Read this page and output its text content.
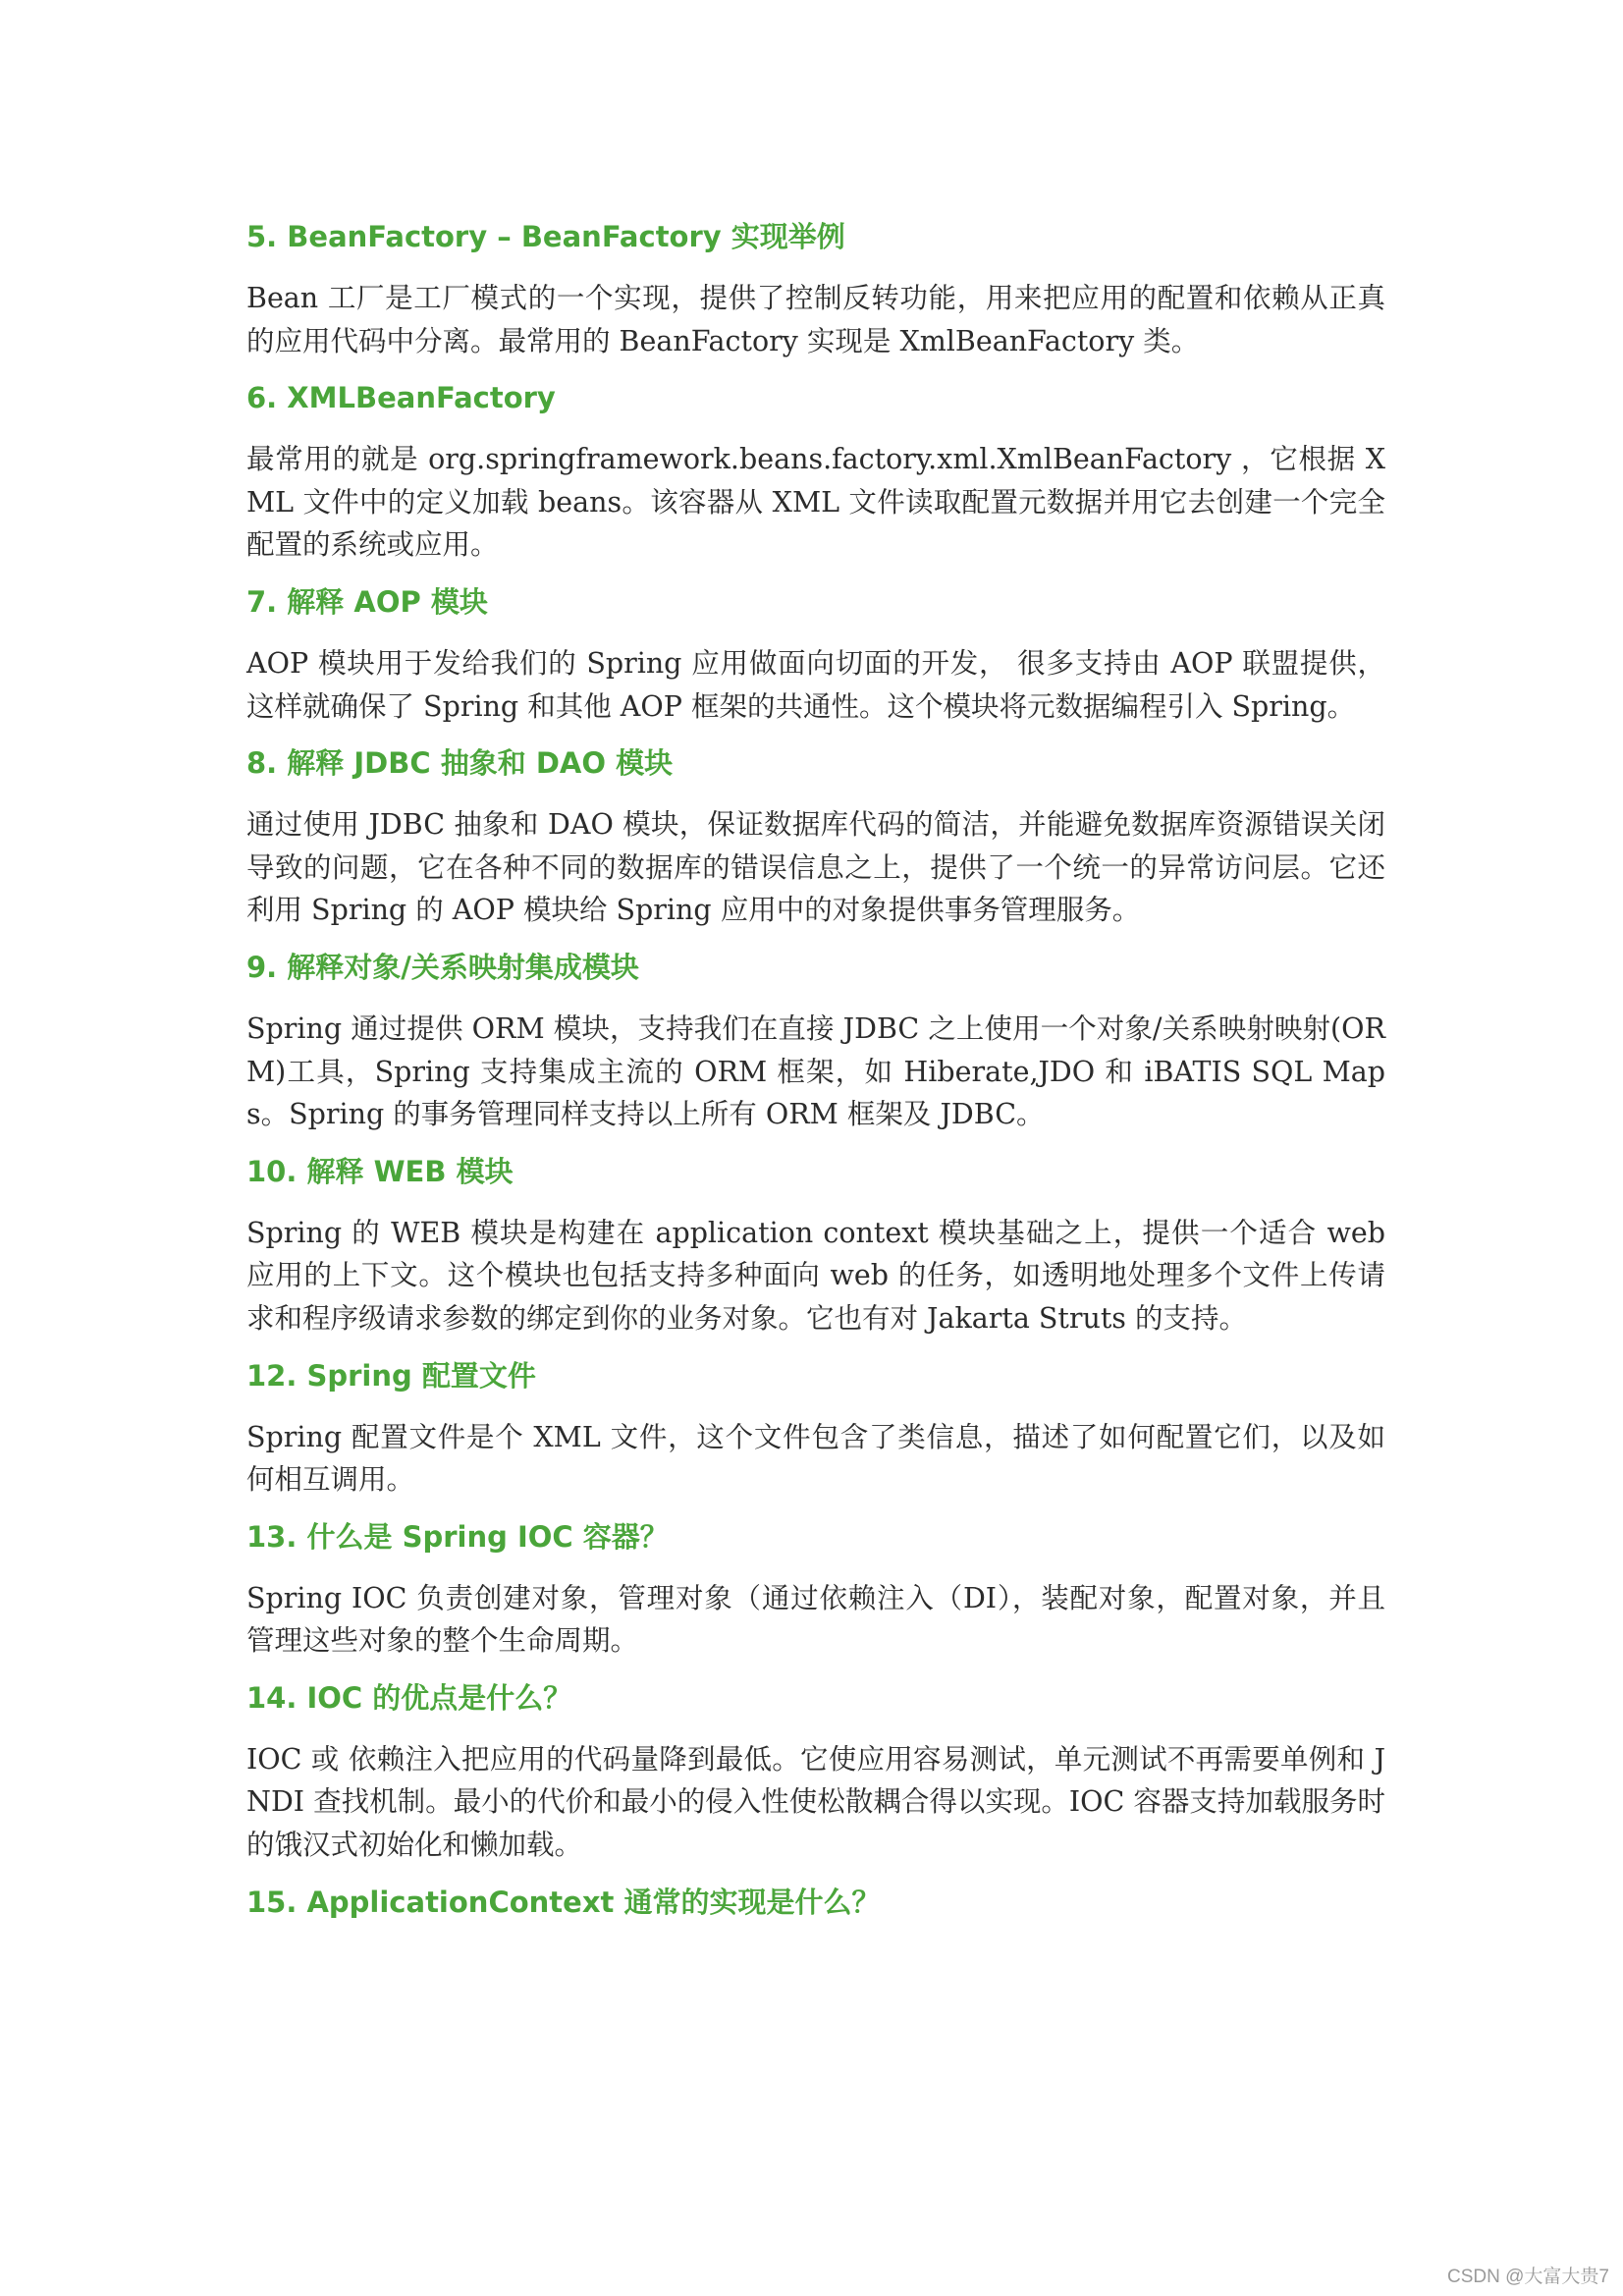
5. BeanFactory – BeanFactory 实现举例

Bean 工厂是工厂模式的一个实现，提供了控制反转功能，用来把应用的配置和依赖从正真的应用代码中分离。最常用的 BeanFactory 实现是 XmlBeanFactory 类。

6. XMLBeanFactory

最常用的就是 org.springframework.beans.factory.xml.XmlBeanFactory ，它根据 XML 文件中的定义加载 beans。该容器从 XML 文件读取配置元数据并用它去创建一个完全配置的系统或应用。

7. 解释 AOP 模块

AOP 模块用于发给我们的 Spring 应用做面向切面的开发， 很多支持由 AOP 联盟提供，这样就确保了 Spring 和其他 AOP 框架的共通性。这个模块将元数据编程引入 Spring。

8. 解释 JDBC 抽象和 DAO 模块

通过使用 JDBC 抽象和 DAO 模块，保证数据库代码的简洁，并能避免数据库资源错误关闭导致的问题，它在各种不同的数据库的错误信息之上，提供了一个统一的异常访问层。它还利用 Spring 的 AOP 模块给 Spring 应用中的对象提供事务管理服务。

9. 解释对象/关系映射集成模块

Spring 通过提供 ORM 模块，支持我们在直接 JDBC 之上使用一个对象/关系映射映射(ORM)工具，Spring 支持集成主流的 ORM 框架，如 Hiberate,JDO 和 iBATIS SQL Maps。Spring 的事务管理同样支持以上所有 ORM 框架及 JDBC。

10. 解释 WEB 模块

Spring 的 WEB 模块是构建在 application context 模块基础之上，提供一个适合 web 应用的上下文。这个模块也包括支持多种面向 web 的任务，如透明地处理多个文件上传请求和程序级请求参数的绑定到你的业务对象。它也有对 Jakarta Struts 的支持。

12. Spring 配置文件

Spring 配置文件是个 XML 文件，这个文件包含了类信息，描述了如何配置它们，以及如何相互调用。

13. 什么是 Spring IOC 容器？

Spring IOC 负责创建对象，管理对象（通过依赖注入（DI），装配对象，配置对象，并且管理这些对象的整个生命周期。

14. IOC 的优点是什么？

IOC 或 依赖注入把应用的代码量降到最低。它使应用容易测试，单元测试不再需要单例和 JNDI 查找机制。最小的代价和最小的侵入性使松散耦合得以实现。IOC 容器支持加载服务时的饿汉式初始化和懒加载。

15. ApplicationContext 通常的实现是什么？
CSDN @大富大贵7
